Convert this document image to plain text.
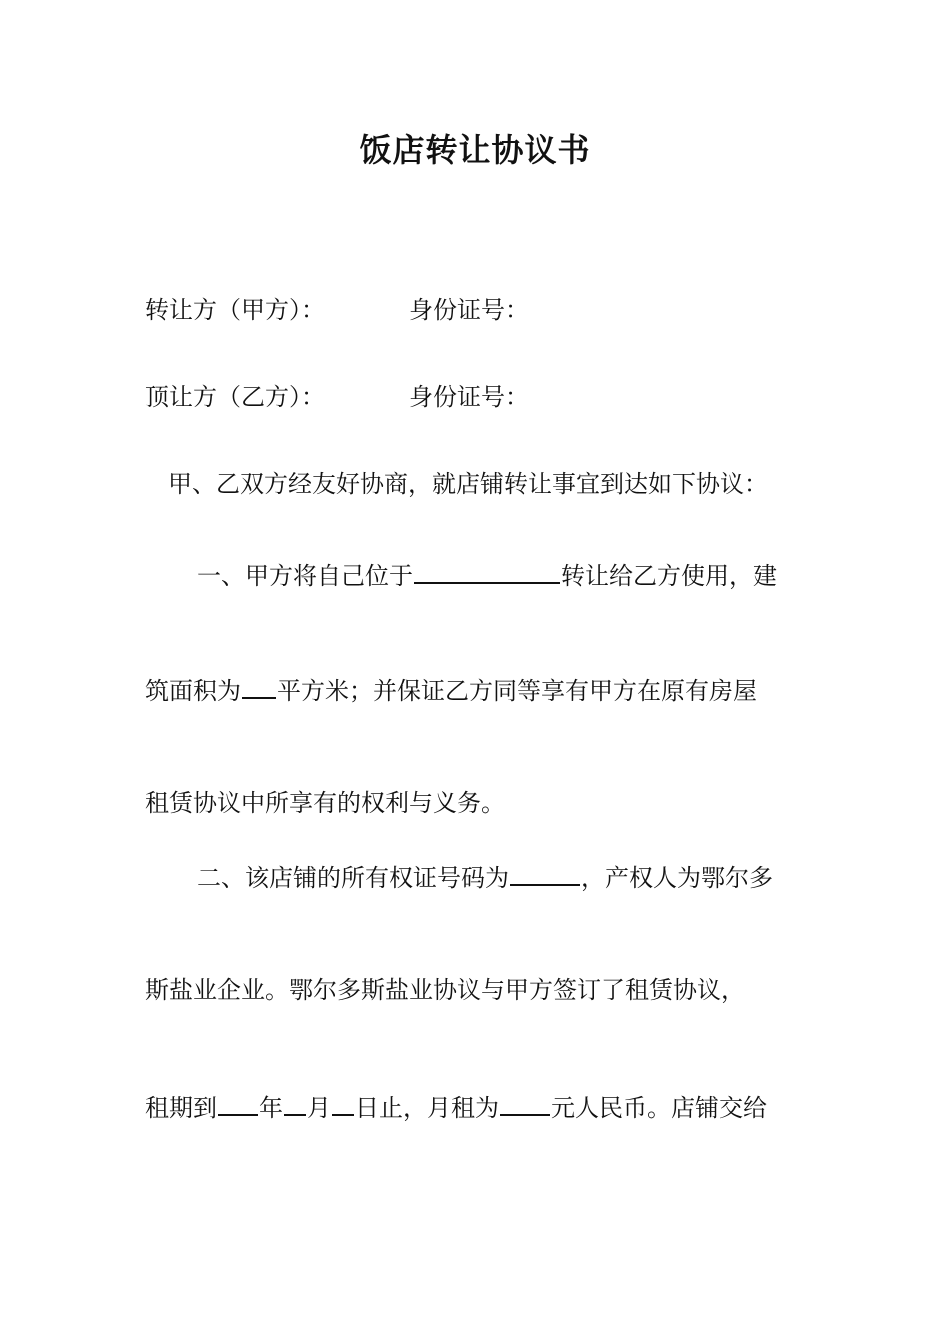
饭店转让协议书
转让方（甲方）：	身份证号：
顶让方（乙方）：	身份证号：
甲、乙双方经友好协商，就店铺转让事宜到达如下协议：
一、甲方将自己位于	转让给乙方使用，建
筑面积为 平方米；并保证乙方同等享有甲方在原有房屋
租赁协议中所享有的权利与义务。
二、该店铺的所有权证号码为	，产权人为鄂尔多
斯盐业企业。鄂尔多斯盐业协议与甲方签订了租赁协议，
租期到 年 月 日止，月租为 元人民币。店铺交给
